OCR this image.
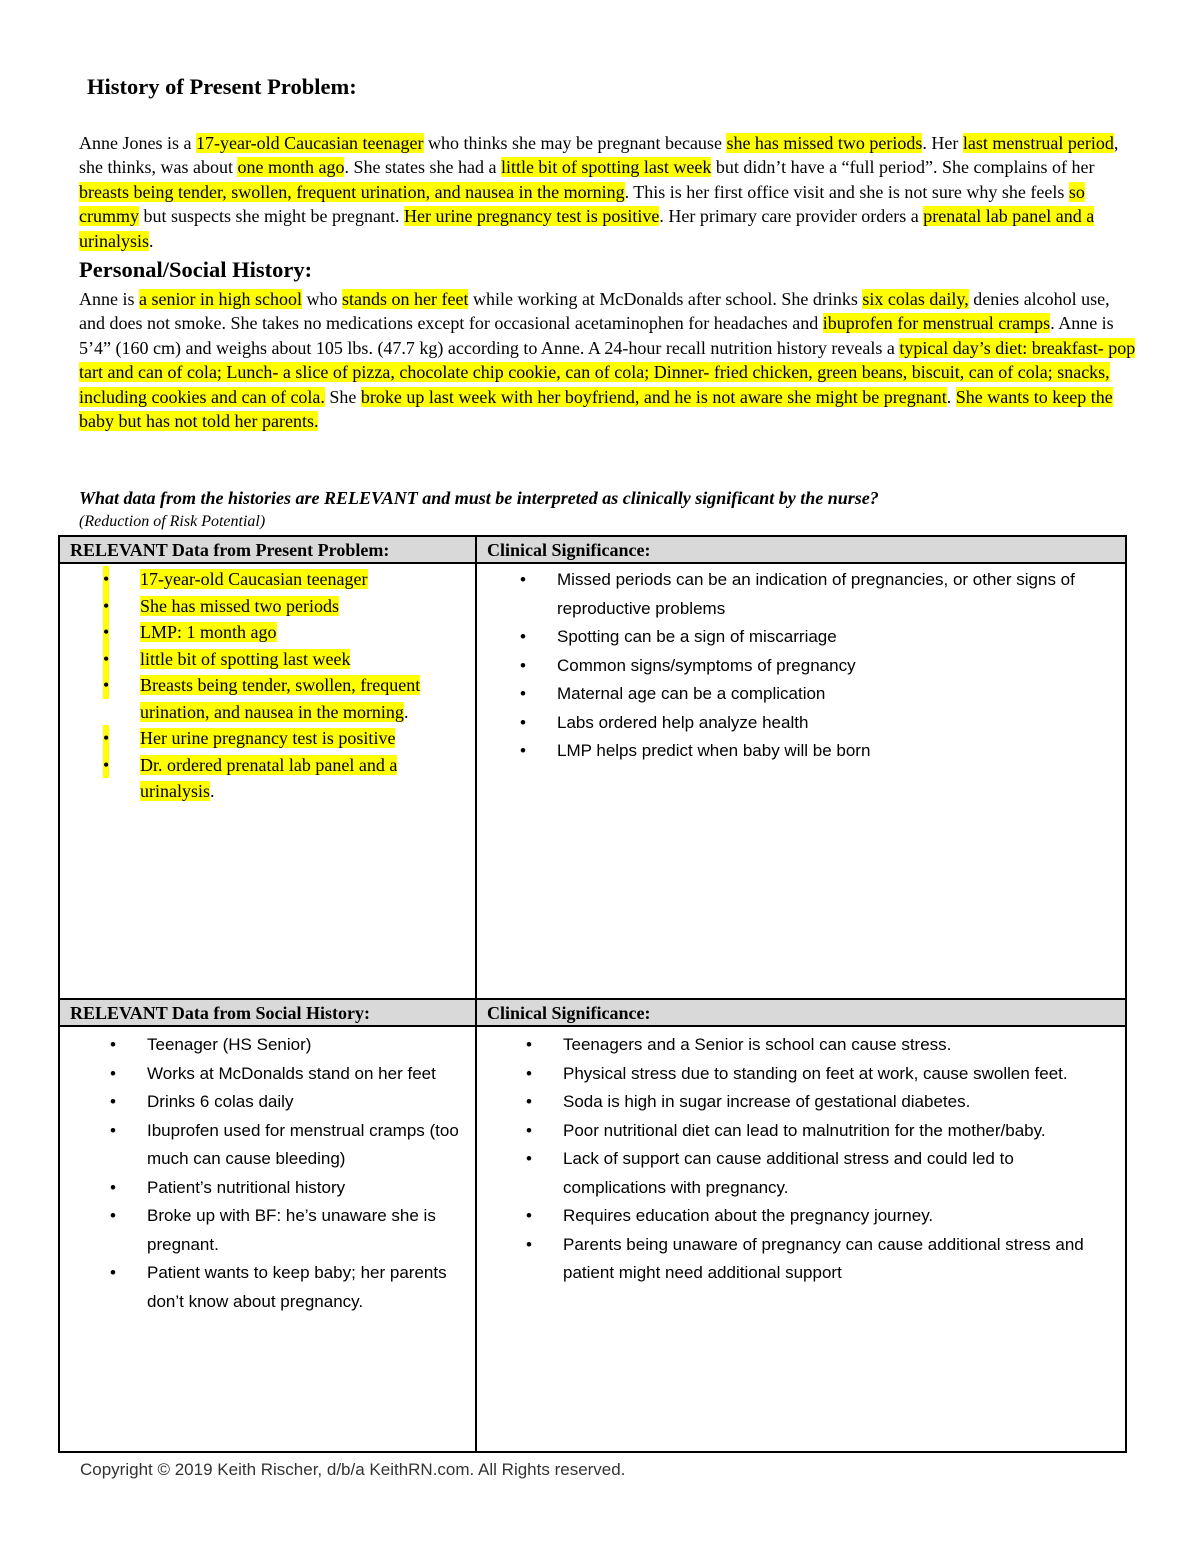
History of Present Problem:

Anne Jones is a 17-year-old Caucasian teenager who thinks she may be pregnant because she has missed two periods. Her last menstrual period, she thinks, was about one month ago. She states she had a little bit of spotting last week but didn’t have a “full period”. She complains of her breasts being tender, swollen, frequent urination, and nausea in the morning. This is her first office visit and she is not sure why she feels so crummy but suspects she might be pregnant. Her urine pregnancy test is positive. Her primary care provider orders a prenatal lab panel and a urinalysis.

Personal/Social History:

Anne is a senior in high school who stands on her feet while working at McDonalds after school. She drinks six colas daily, denies alcohol use, and does not smoke. She takes no medications except for occasional acetaminophen for headaches and ibuprofen for menstrual cramps. Anne is 5’4” (160 cm) and weighs about 105 lbs. (47.7 kg) according to Anne. A 24-hour recall nutrition history reveals a typical day’s diet: breakfast- pop tart and can of cola; Lunch- a slice of pizza, chocolate chip cookie, can of cola; Dinner- fried chicken, green beans, biscuit, can of cola; snacks, including cookies and can of cola. She broke up last week with her boyfriend, and he is not aware she might be pregnant. She wants to keep the baby but has not told her parents.

What data from the histories are RELEVANT and must be interpreted as clinically significant by the nurse?

(Reduction of Risk Potential)

RELEVANT Data from Present Problem:	Clinical Significance:
• 17-year-old Caucasian teenager
• She has missed two periods
• LMP: 1 month ago
• little bit of spotting last week
• Breasts being tender, swollen, frequent urination, and nausea in the morning.
• Her urine pregnancy test is positive
• Dr. ordered prenatal lab panel and a urinalysis.
• Missed periods can be an indication of pregnancies, or other signs of reproductive problems
• Spotting can be a sign of miscarriage
• Common signs/symptoms of pregnancy
• Maternal age can be a complication
• Labs ordered help analyze health
• LMP helps predict when baby will be born
RELEVANT Data from Social History:	Clinical Significance:
• Teenager (HS Senior)
• Works at McDonalds stand on her feet
• Drinks 6 colas daily
• Ibuprofen used for menstrual cramps (too much can cause bleeding)
• Patient’s nutritional history
• Broke up with BF: he’s unaware she is pregnant.
• Patient wants to keep baby; her parents don’t know about pregnancy.
• Teenagers and a Senior is school can cause stress.
• Physical stress due to standing on feet at work, cause swollen feet.
• Soda is high in sugar increase of gestational diabetes.
• Poor nutritional diet can lead to malnutrition for the mother/baby.
• Lack of support can cause additional stress and could led to complications with pregnancy.
• Requires education about the pregnancy journey.
• Parents being unaware of pregnancy can cause additional stress and patient might need additional support

Copyright © 2019 Keith Rischer, d/b/a KeithRN.com. All Rights reserved.
